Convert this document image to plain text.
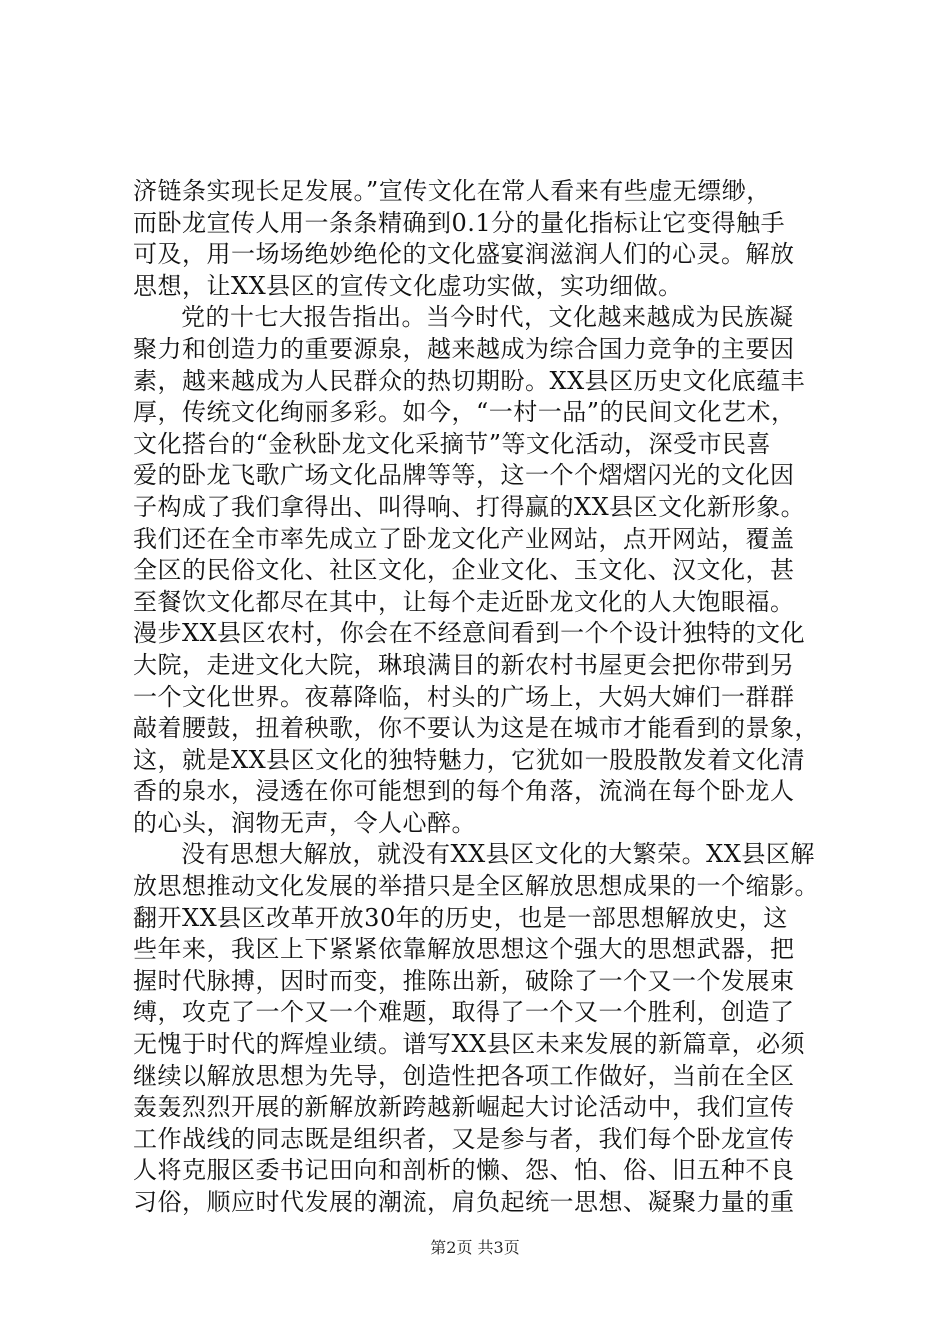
济链条实现长足发展。”宣传文化在常人看来有些虚无缥缈，
而卧龙宣传人用一条条精确到0.1分的量化指标让它变得触手
可及，用一场场绝妙绝伦的文化盛宴润滋润人们的心灵。解放
思想，让XX县区的宣传文化虚功实做，实功细做。
党的十七大报告指出。当今时代，文化越来越成为民族凝
聚力和创造力的重要源泉，越来越成为综合国力竞争的主要因
素，越来越成为人民群众的热切期盼。XX县区历史文化底蕴丰
厚，传统文化绚丽多彩。如今，“一村一品”的民间文化艺术，
文化搭台的“金秋卧龙文化采摘节”等文化活动，深受市民喜
爱的卧龙飞歌广场文化品牌等等，这一个个熠熠闪光的文化因
子构成了我们拿得出、叫得响、打得赢的XX县区文化新形象。
我们还在全市率先成立了卧龙文化产业网站，点开网站，覆盖
全区的民俗文化、社区文化，企业文化、玉文化、汉文化，甚
至餐饮文化都尽在其中，让每个走近卧龙文化的人大饱眼福。
漫步XX县区农村，你会在不经意间看到一个个设计独特的文化
大院，走进文化大院，琳琅满目的新农村书屋更会把你带到另
一个文化世界。夜幕降临，村头的广场上，大妈大婶们一群群
敲着腰鼓，扭着秧歌，你不要认为这是在城市才能看到的景象，
这，就是XX县区文化的独特魅力，它犹如一股股散发着文化清
香的泉水，浸透在你可能想到的每个角落，流淌在每个卧龙人
的心头，润物无声，令人心醉。
没有思想大解放，就没有XX县区文化的大繁荣。XX县区解
放思想推动文化发展的举措只是全区解放思想成果的一个缩影。
翻开XX县区改革开放30年的历史，也是一部思想解放史，这
些年来，我区上下紧紧依靠解放思想这个强大的思想武器，把
握时代脉搏，因时而变，推陈出新，破除了一个又一个发展束
缚，攻克了一个又一个难题，取得了一个又一个胜利，创造了
无愧于时代的辉煌业绩。谱写XX县区未来发展的新篇章，必须
继续以解放思想为先导，创造性把各项工作做好，当前在全区
轰轰烈烈开展的新解放新跨越新崛起大讨论活动中，我们宣传
工作战线的同志既是组织者，又是参与者，我们每个卧龙宣传
人将克服区委书记田向和剖析的懒、怨、怕、俗、旧五种不良
习俗，顺应时代发展的潮流，肩负起统一思想、凝聚力量的重
第2页 共3页
